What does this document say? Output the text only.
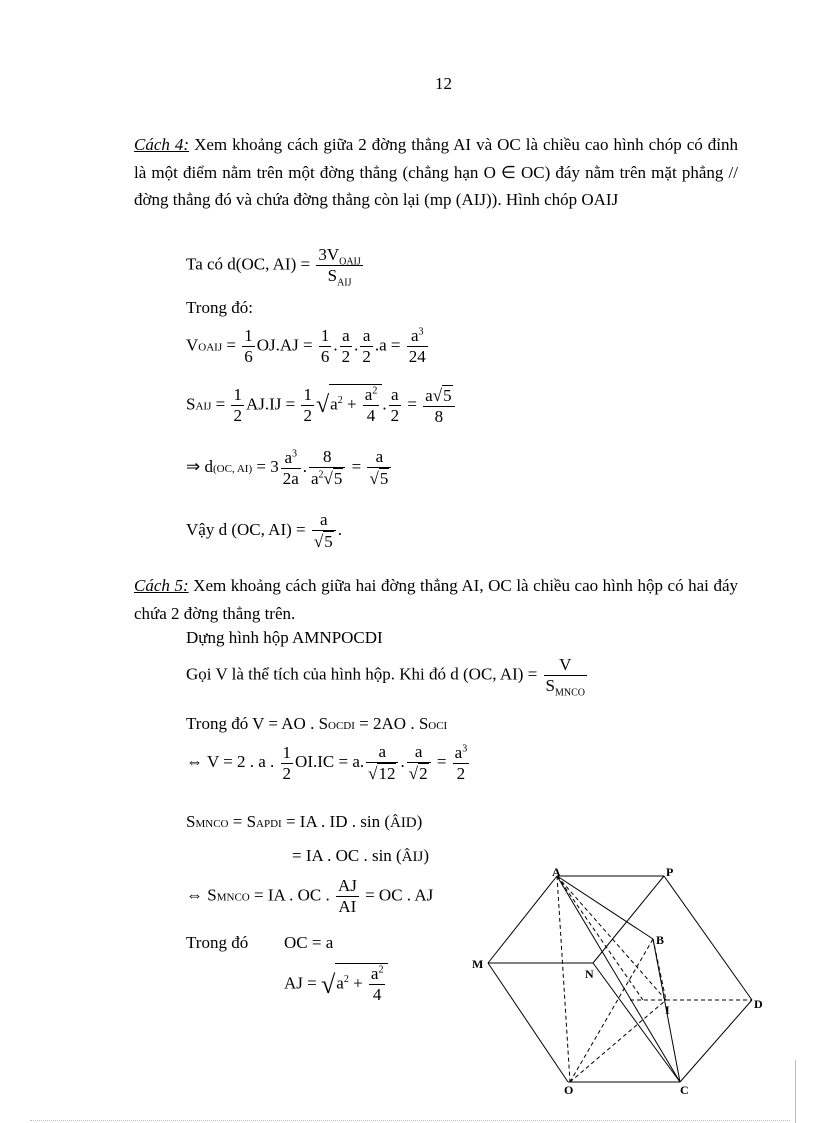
12
Cách 4: Xem khoảng cách giữa 2 đờng thẳng AI và OC là chiều cao hình chóp có đỉnh là một điểm nằm trên một đờng thẳng (chẳng hạn O ∈ OC) đáy nằm trên mặt phẳng // đờng thẳng đó và chứa đờng thẳng còn lại (mp (AIJ)). Hình chóp OAIJ
Ta có d(OC, $AI) = \frac{3V_{OAIJ}}{S_{AIJ}}$
Trong đó:
VOAIJ = $\frac{1}{6} OJ.AJ = \frac{1}{6}$ . $\frac{a}{2}$ . $\frac{a}{2} .a = \frac{a^3}{24}$
SAIJ = $\frac{1}{2} AJ.IJ = \frac{1}{2} √a^2 + \frac{a^2}{4}$ . $\frac{a}{2} = \frac{a√5}{8}$
⇒ d(OC, $AI) = 3 \frac{a^3}{2a}$ . $\frac{8}{a^2√5} = \frac{a}{√5}$
Vậy d (OC, $AI) = \frac{a}{√5}$ .
Cách 5: Xem khoảng cách giữa hai đờng thẳng AI, OC là chiều cao hình hộp có hai đáy chứa 2 đờng thẳng trên.
Dựng hình hộp AMNPOCDI
Gọi V là thể tích của hình hộp. Khi đó d (OC, $AI) = \frac{V}{S_{MNCO}}$
Trong đó V = AO . SOCDI = 2AO . SOCI
⇔ V = 2 . a . $\frac{1}{2} OI.IC = a$. $\frac{a}{√12}$ . $\frac{a}{√2} = \frac{a^3}{2}$
SMNCO = SAPDI = IA . ID . sin (ÂID)
= IA . OC . sin (ÂIJ)
⇔ SMNCO = IA . OC . $\frac{AJ}{AI}$ = OC . AJ
Trong đó OC = a
AJ = $√a^2 + \frac{a^2}{4}$
A	P
B
M
N
I	D
O	C
